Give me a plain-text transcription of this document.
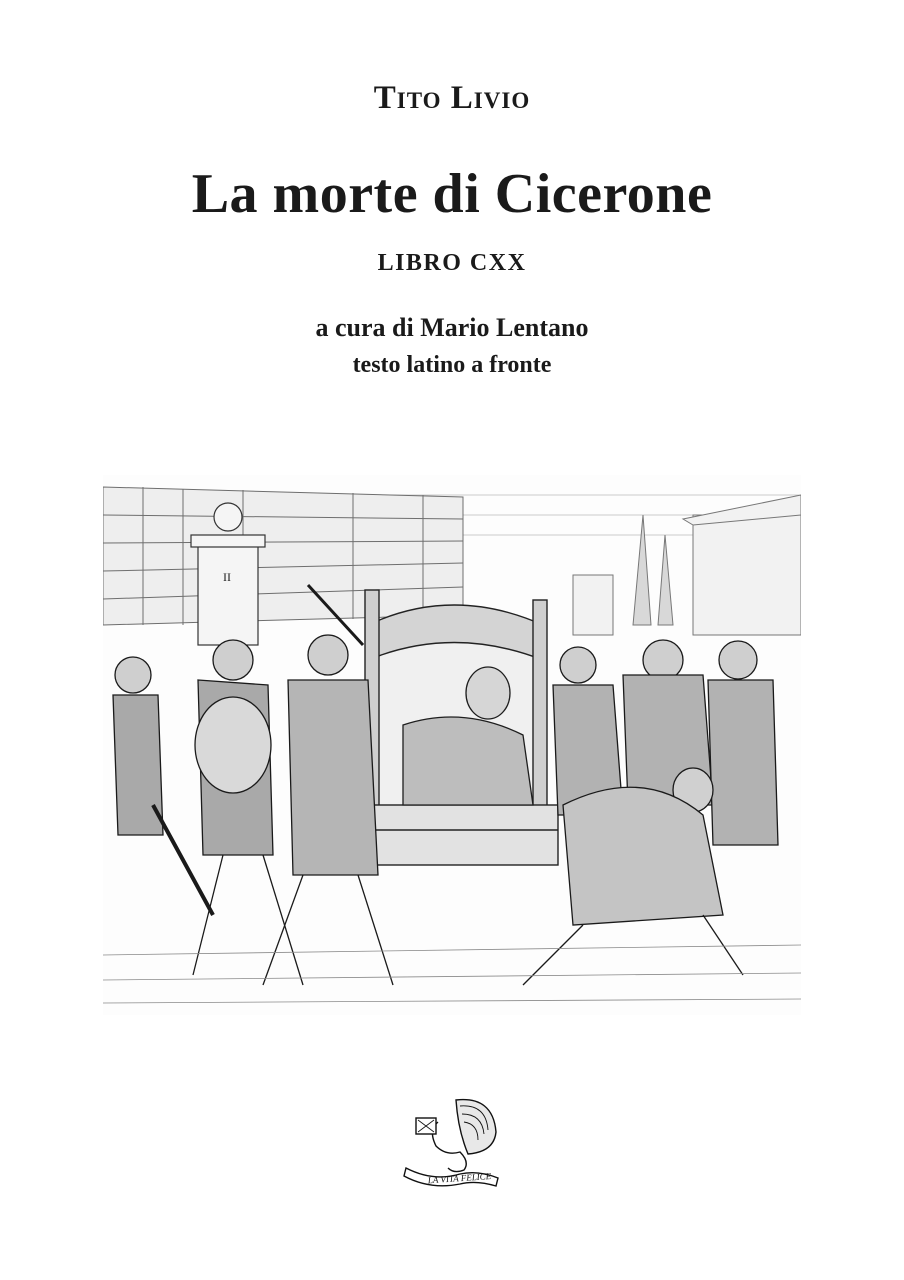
Tito Livio
La morte di Cicerone
LIBRO CXX
a cura di Mario Lentano
testo latino a fronte
II
LA VITA FELICE
